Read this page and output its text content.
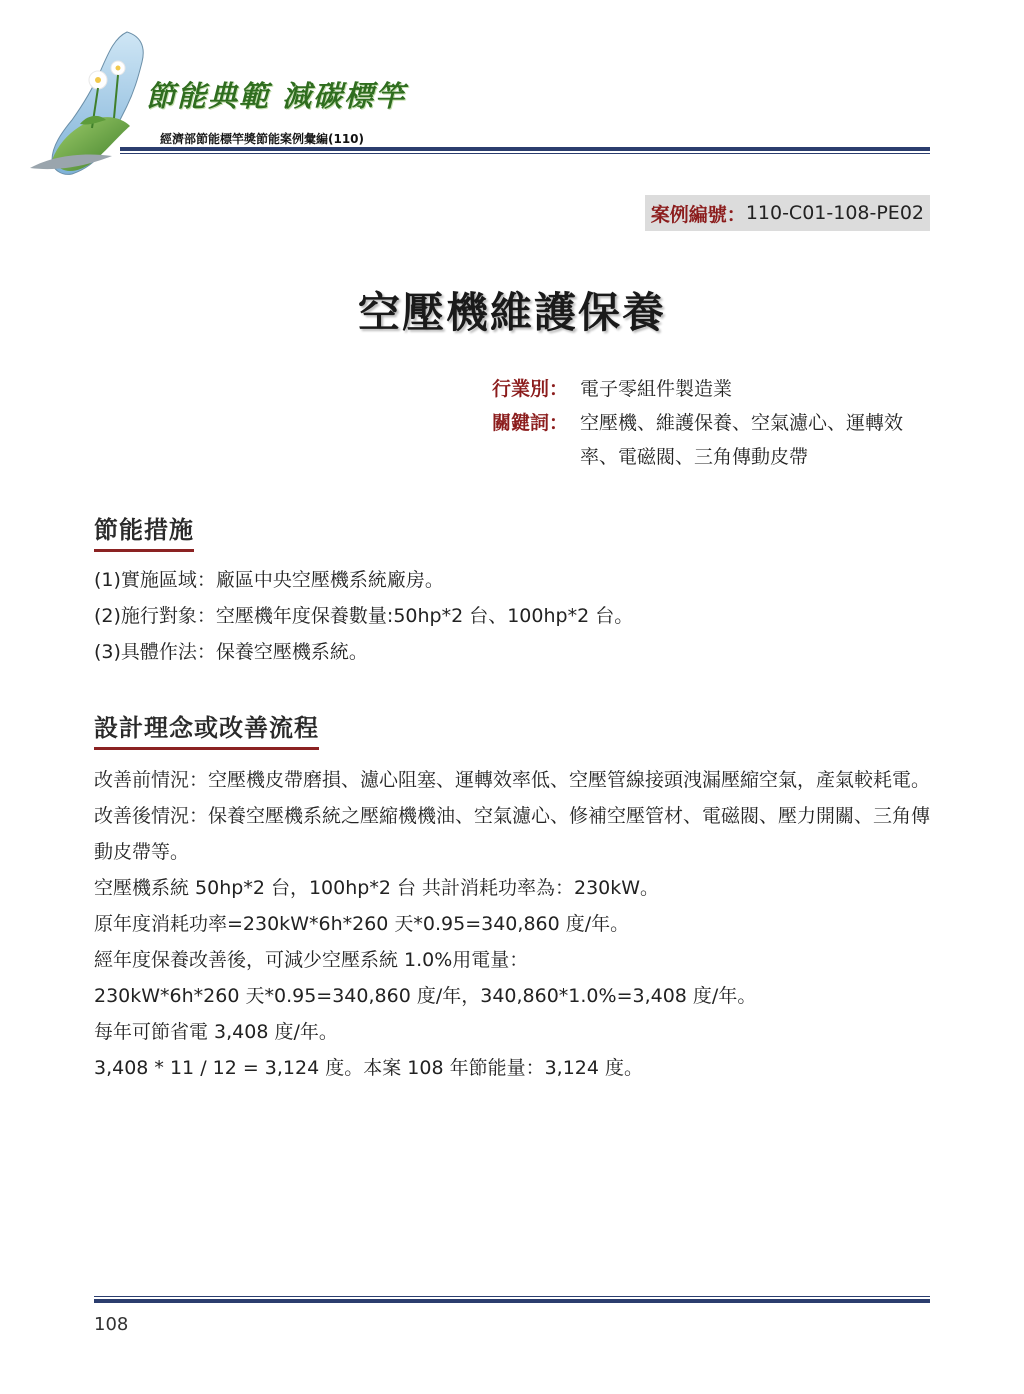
節能典範 減碳標竿
經濟部節能標竿獎節能案例彙編(110)
案例編號： 110-C01-108-PE02
空壓機維護保養
行業別： 電子零組件製造業
關鍵詞： 空壓機、維護保養、空氣濾心、運轉效率、電磁閥、三角傳動皮帶
節能措施

(1)實施區域：廠區中央空壓機系統廠房。

(2)施行對象：空壓機年度保養數量:50hp*2 台、100hp*2 台。

(3)具體作法：保養空壓機系統。

設計理念或改善流程

改善前情況：空壓機皮帶磨損、濾心阻塞、運轉效率低、空壓管線接頭洩漏壓縮空氣，產氣較耗電。

改善後情況：保養空壓機系統之壓縮機機油、空氣濾心、修補空壓管材、電磁閥、壓力開關、三角傳動皮帶等。

空壓機系統 50hp*2 台，100hp*2 台 共計消耗功率為：230kW。

原年度消耗功率=230kW*6h*260 天*0.95=340,860 度/年。

經年度保養改善後，可減少空壓系統 1.0%用電量：

230kW*6h*260 天*0.95=340,860 度/年，340,860*1.0%=3,408 度/年。

每年可節省電 3,408 度/年。

3,408 * 11 / 12 = 3,124 度。本案 108 年節能量：3,124 度。

108
